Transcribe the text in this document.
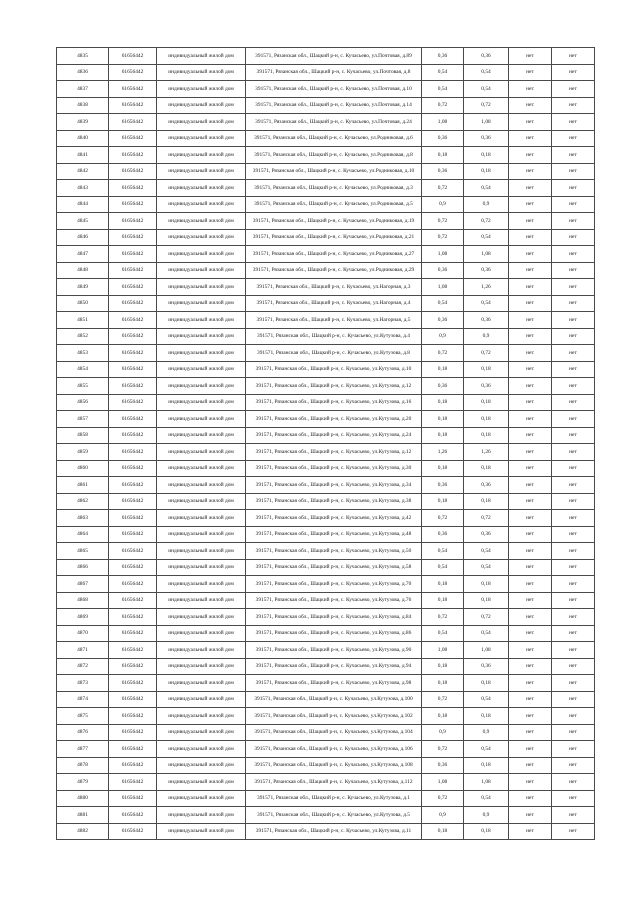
4835	61656442	индивидуальный жилой дом	391571, Рязанская обл., Шацкий р-н, с. Кучасьево, ул.Почтовая, д.89	0,36	0,36	нет	нет
4836	61656442	индивидуальный жилой дом	391571, Рязанская обл., Шацкий р-н, с. Кучасьево, ул.Почтовая, д.8	0,54	0,54	нет	нет
4837	61656442	индивидуальный жилой дом	391571, Рязанская обл., Шацкий р-н, с. Кучасьево, ул.Почтовая, д.10	0,54	0,54	нет	нет
4838	61656442	индивидуальный жилой дом	391571, Рязанская обл., Шацкий р-н, с. Кучасьево, ул.Почтовая, д.14	0,72	0,72	нет	нет
4839	61656442	индивидуальный жилой дом	391571, Рязанская обл., Шацкий р-н, с. Кучасьево, ул.Почтовая, д.24	1,08	1,08	нет	нет
4840	61656442	индивидуальный жилой дом	391571, Рязанская обл., Шацкий р-н, с. Кучасьево, ул.Родниковая, д.6	0,36	0,36	нет	нет
4841	61656442	индивидуальный жилой дом	391571, Рязанская обл., Шацкий р-н, с. Кучасьево, ул.Родниковая, д.8	0,18	0,18	нет	нет
4842	61656442	индивидуальный жилой дом	391571, Рязанская обл., Шацкий р-н, с. Кучасьево, ул.Родниковая, д.10	0,36	0,18	нет	нет
4843	61656442	индивидуальный жилой дом	391571, Рязанская обл., Шацкий р-н, с. Кучасьево, ул.Родниковая, д.3	0,72	0,54	нет	нет
4844	61656442	индивидуальный жилой дом	391571, Рязанская обл., Шацкий р-н, с. Кучасьево, ул.Родниковая, д.5	0,9	0,9	нет	нет
4845	61656442	индивидуальный жилой дом	391571, Рязанская обл., Шацкий р-н, с. Кучасьево, ул.Родниковая, д.19	0,72	0,72	нет	нет
4846	61656442	индивидуальный жилой дом	391571, Рязанская обл., Шацкий р-н, с. Кучасьево, ул.Родниковая, д.21	0,72	0,54	нет	нет
4847	61656442	индивидуальный жилой дом	391571, Рязанская обл., Шацкий р-н, с. Кучасьево, ул.Родниковая, д.27	1,08	1,08	нет	нет
4848	61656442	индивидуальный жилой дом	391571, Рязанская обл., Шацкий р-н, с. Кучасьево, ул.Родниковая, д.29	0,36	0,36	нет	нет
4849	61656442	индивидуальный жилой дом	391571, Рязанская обл., Шацкий р-н, с. Кучасьево, ул.Нагорная, д.3	1,08	1,26	нет	нет
4850	61656442	индивидуальный жилой дом	391571, Рязанская обл., Шацкий р-н, с. Кучасьево, ул.Нагорная, д.4	0,54	0,54	нет	нет
4851	61656442	индивидуальный жилой дом	391571, Рязанская обл., Шацкий р-н, с. Кучасьево, ул.Нагорная, д.5	0,36	0,36	нет	нет
4852	61656442	индивидуальный жилой дом	391571, Рязанская обл., Шацкий р-н, с. Кучасьево, ул.Кутузова, д.4	0,9	0,9	нет	нет
4853	61656442	индивидуальный жилой дом	391571, Рязанская обл., Шацкий р-н, с. Кучасьево, ул.Кутузова, д.8	0,72	0,72	нет	нет
4854	61656442	индивидуальный жилой дом	391571, Рязанская обл., Шацкий р-н, с. Кучасьево, ул.Кутузова, д.10	0,18	0,18	нет	нет
4855	61656442	индивидуальный жилой дом	391571, Рязанская обл., Шацкий р-н, с. Кучасьево, ул.Кутузова, д.12	0,36	0,36	нет	нет
4856	61656442	индивидуальный жилой дом	391571, Рязанская обл., Шацкий р-н, с. Кучасьево, ул.Кутузова, д.16	0,18	0,18	нет	нет
4857	61656442	индивидуальный жилой дом	391571, Рязанская обл., Шацкий р-н, с. Кучасьево, ул.Кутузова, д.20	0,18	0,18	нет	нет
4858	61656442	индивидуальный жилой дом	391571, Рязанская обл., Шацкий р-н, с. Кучасьево, ул.Кутузова, д.24	0,18	0,18	нет	нет
4859	61656442	индивидуальный жилой дом	391571, Рязанская обл., Шацкий р-н, с. Кучасьево, ул.Кутузова, д.12	1,26	1,26	нет	нет
4860	61656442	индивидуальный жилой дом	391571, Рязанская обл., Шацкий р-н, с. Кучасьево, ул.Кутузова, д.30	0,18	0,18	нет	нет
4861	61656442	индивидуальный жилой дом	391571, Рязанская обл., Шацкий р-н, с. Кучасьево, ул.Кутузова, д.34	0,36	0,36	нет	нет
4862	61656442	индивидуальный жилой дом	391571, Рязанская обл., Шацкий р-н, с. Кучасьево, ул.Кутузова, д.38	0,18	0,18	нет	нет
4863	61656442	индивидуальный жилой дом	391571, Рязанская обл., Шацкий р-н, с. Кучасьево, ул.Кутузова, д.42	0,72	0,72	нет	нет
4864	61656442	индивидуальный жилой дом	391571, Рязанская обл., Шацкий р-н, с. Кучасьево, ул.Кутузова, д.48	0,36	0,36	нет	нет
4865	61656442	индивидуальный жилой дом	391571, Рязанская обл., Шацкий р-н, с. Кучасьево, ул.Кутузова, д.50	0,54	0,54	нет	нет
4866	61656442	индивидуальный жилой дом	391571, Рязанская обл., Шацкий р-н, с. Кучасьево, ул.Кутузова, д.58	0,54	0,54	нет	нет
4867	61656442	индивидуальный жилой дом	391571, Рязанская обл., Шацкий р-н, с. Кучасьево, ул.Кутузова, д.70	0,18	0,18	нет	нет
4868	61656442	индивидуальный жилой дом	391571, Рязанская обл., Шацкий р-н, с. Кучасьево, ул.Кутузова, д.76	0,18	0,18	нет	нет
4869	61656442	индивидуальный жилой дом	391571, Рязанская обл., Шацкий р-н, с. Кучасьево, ул.Кутузова, д.84	0,72	0,72	нет	нет
4870	61656442	индивидуальный жилой дом	391571, Рязанская обл., Шацкий р-н, с. Кучасьево, ул.Кутузова, д.86	0,54	0,54	нет	нет
4871	61656442	индивидуальный жилой дом	391571, Рязанская обл., Шацкий р-н, с. Кучасьево, ул.Кутузова, д.90	1,08	1,08	нет	нет
4872	61656442	индивидуальный жилой дом	391571, Рязанская обл., Шацкий р-н, с. Кучасьево, ул.Кутузова, д.94	0,18	0,36	нет	нет
4873	61656442	индивидуальный жилой дом	391571, Рязанская обл., Шацкий р-н, с. Кучасьево, ул.Кутузова, д.98	0,18	0,18	нет	нет
4874	61656442	индивидуальный жилой дом	391571, Рязанская обл., Шацкий р-н, с. Кучасьево, ул.Кутузова, д.100	0,72	0,54	нет	нет
4875	61656442	индивидуальный жилой дом	391571, Рязанская обл., Шацкий р-н, с. Кучасьево, ул.Кутузова, д.102	0,18	0,18	нет	нет
4876	61656442	индивидуальный жилой дом	391571, Рязанская обл., Шацкий р-н, с. Кучасьево, ул.Кутузова, д.104	0,9	0,9	нет	нет
4877	61656442	индивидуальный жилой дом	391571, Рязанская обл., Шацкий р-н, с. Кучасьево, ул.Кутузова, д.106	0,72	0,54	нет	нет
4878	61656442	индивидуальный жилой дом	391571, Рязанская обл., Шацкий р-н, с. Кучасьево, ул.Кутузова, д.108	0,36	0,18	нет	нет
4879	61656442	индивидуальный жилой дом	391571, Рязанская обл., Шацкий р-н, с. Кучасьево, ул.Кутузова, д.112	1,08	1,08	нет	нет
4880	61656442	индивидуальный жилой дом	391571, Рязанская обл., Шацкий р-н, с. Кучасьево, ул.Кутузова, д.1	0,72	0,54	нет	нет
4881	61656442	индивидуальный жилой дом	391571, Рязанская обл., Шацкий р-н, с. Кучасьево, ул.Кутузова, д.5	0,9	0,9	нет	нет
4882	61656442	индивидуальный жилой дом	391571, Рязанская обл., Шацкий р-н, с. Кучасьево, ул.Кутузова, д.11	0,18	0,18	нет	нет
